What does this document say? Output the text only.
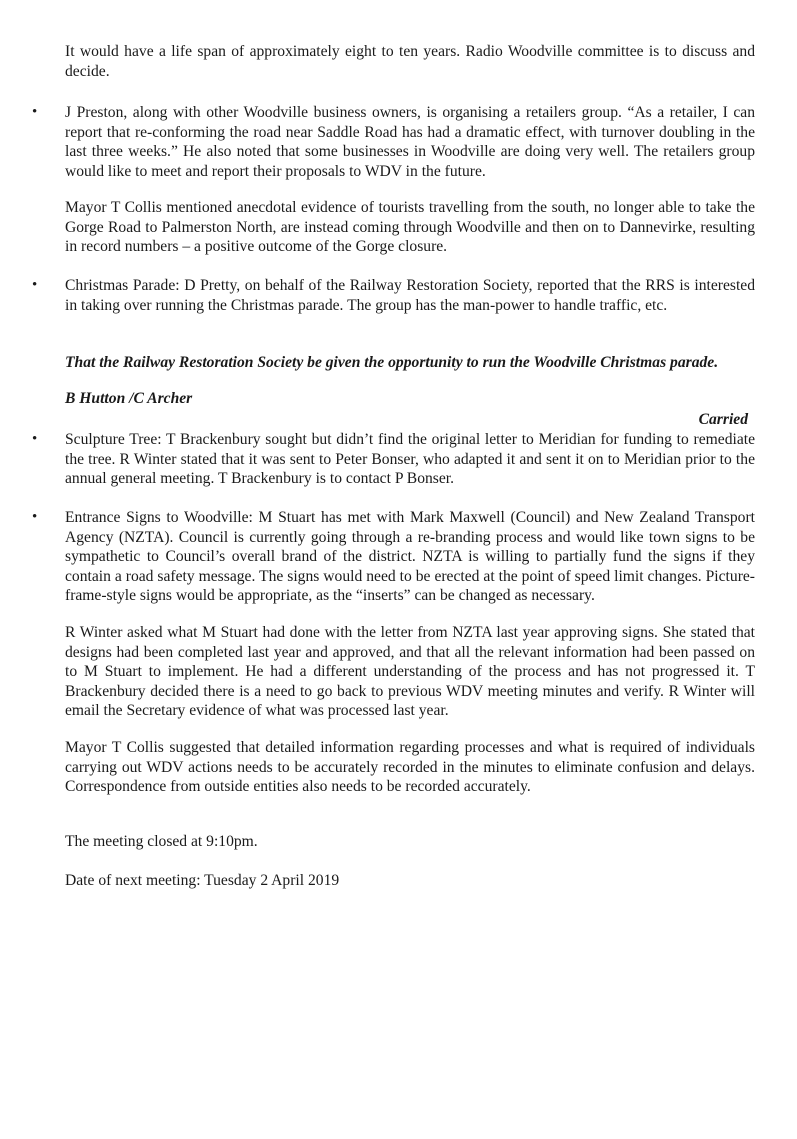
It would have a life span of approximately eight to ten years. Radio Woodville committee is to discuss and decide.

• J Preston, along with other Woodville business owners, is organising a retailers group. “As a retailer, I can report that re-conforming the road near Saddle Road has had a dramatic effect, with turnover doubling in the last three weeks.” He also noted that some businesses in Woodville are doing very well. The retailers group would like to meet and report their proposals to WDV in the future.

Mayor T Collis mentioned anecdotal evidence of tourists travelling from the south, no longer able to take the Gorge Road to Palmerston North, are instead coming through Woodville and then on to Dannevirke, resulting in record numbers – a positive outcome of the Gorge closure.

• Christmas Parade: D Pretty, on behalf of the Railway Restoration Society, reported that the RRS is interested in taking over running the Christmas parade. The group has the man-power to handle traffic, etc.

That the Railway Restoration Society be given the opportunity to run the Woodville Christmas parade.

B Hutton /C Archer

Carried

• Sculpture Tree: T Brackenbury sought but didn’t find the original letter to Meridian for funding to remediate the tree. R Winter stated that it was sent to Peter Bonser, who adapted it and sent it on to Meridian prior to the annual general meeting. T Brackenbury is to contact P Bonser.

• Entrance Signs to Woodville: M Stuart has met with Mark Maxwell (Council) and New Zealand Transport Agency (NZTA). Council is currently going through a re-branding process and would like town signs to be sympathetic to Council’s overall brand of the district. NZTA is willing to partially fund the signs if they contain a road safety message. The signs would need to be erected at the point of speed limit changes. Picture-frame-style signs would be appropriate, as the “inserts” can be changed as necessary.

R Winter asked what M Stuart had done with the letter from NZTA last year approving signs. She stated that designs had been completed last year and approved, and that all the relevant information had been passed on to M Stuart to implement. He had a different understanding of the process and has not progressed it. T Brackenbury decided there is a need to go back to previous WDV meeting minutes and verify. R Winter will email the Secretary evidence of what was processed last year.

Mayor T Collis suggested that detailed information regarding processes and what is required of individuals carrying out WDV actions needs to be accurately recorded in the minutes to eliminate confusion and delays. Correspondence from outside entities also needs to be recorded accurately.

The meeting closed at 9:10pm.

Date of next meeting: Tuesday 2 April 2019
